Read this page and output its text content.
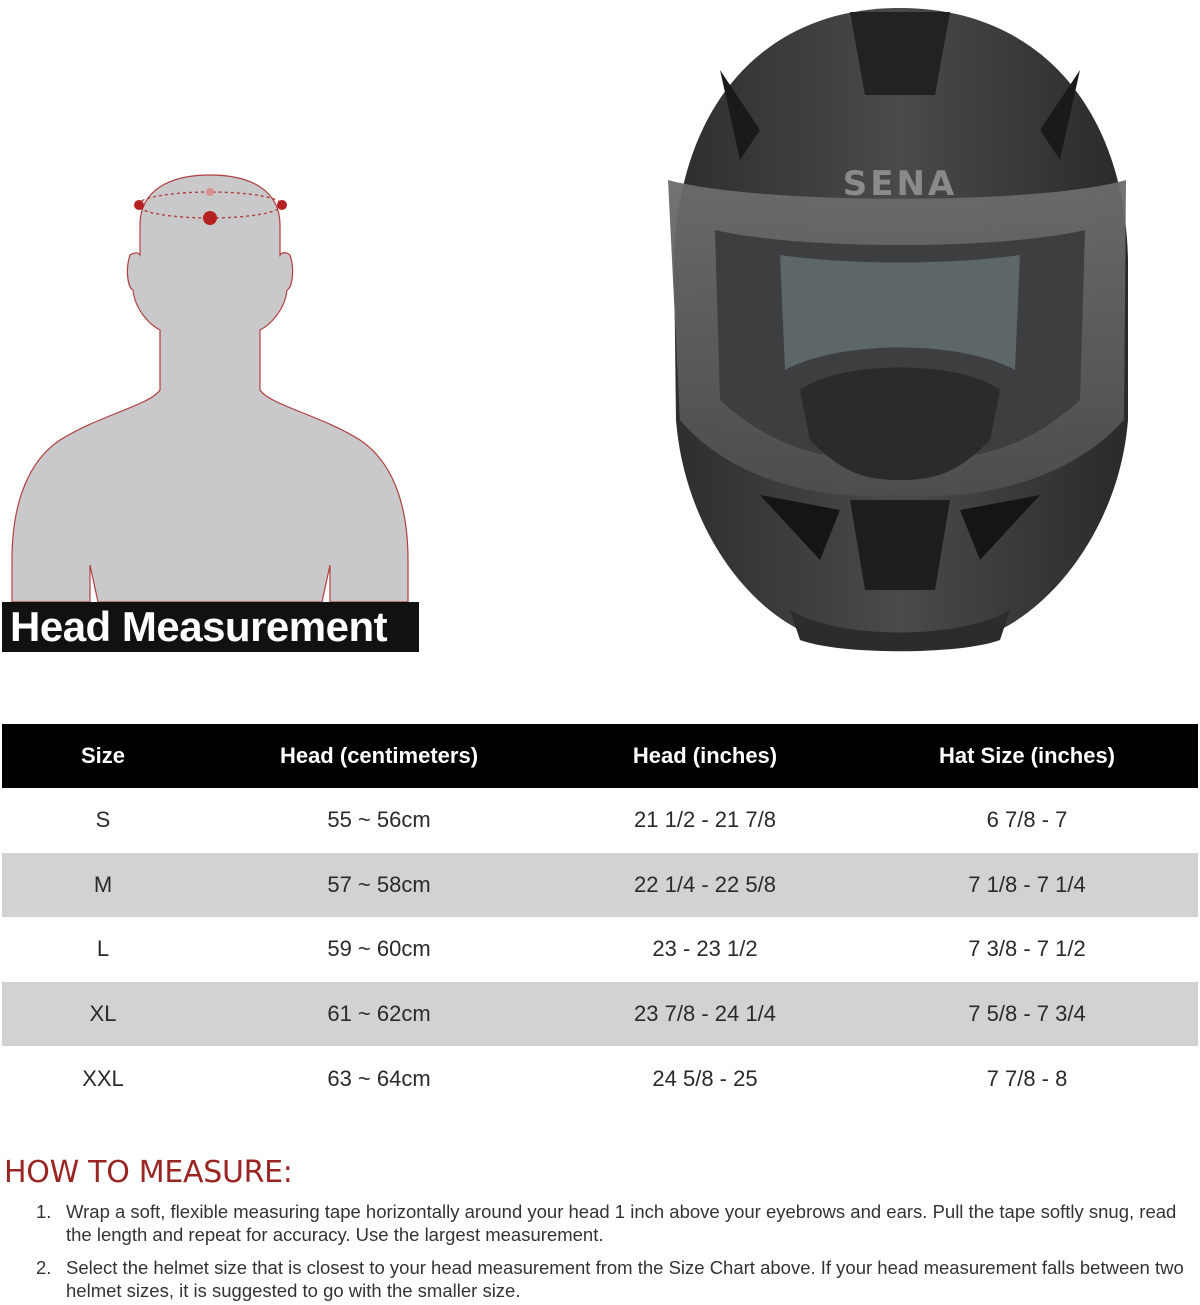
Head Measurement
SENA
Size	Head (centimeters)	Head (inches)	Hat Size (inches)
S	55 ~ 56cm	21 1/2 - 21 7/8	6 7/8 - 7
M	57 ~ 58cm	22 1/4 - 22 5/8	7 1/8 - 7 1/4
L	59 ~ 60cm	23 - 23 1/2	7 3/8 - 7 1/2
XL	61 ~ 62cm	23 7/8 - 24 1/4	7 5/8 - 7 3/4
XXL	63 ~ 64cm	24 5/8 - 25	7 7/8 - 8
HOW TO MEASURE:
1. Wrap a soft, flexible measuring tape horizontally around your head 1 inch above your eyebrows and ears. Pull the tape softly snug, read the length and repeat for accuracy. Use the largest measurement.
2. Select the helmet size that is closest to your head measurement from the Size Chart above. If your head measurement falls between two helmet sizes, it is suggested to go with the smaller size.
